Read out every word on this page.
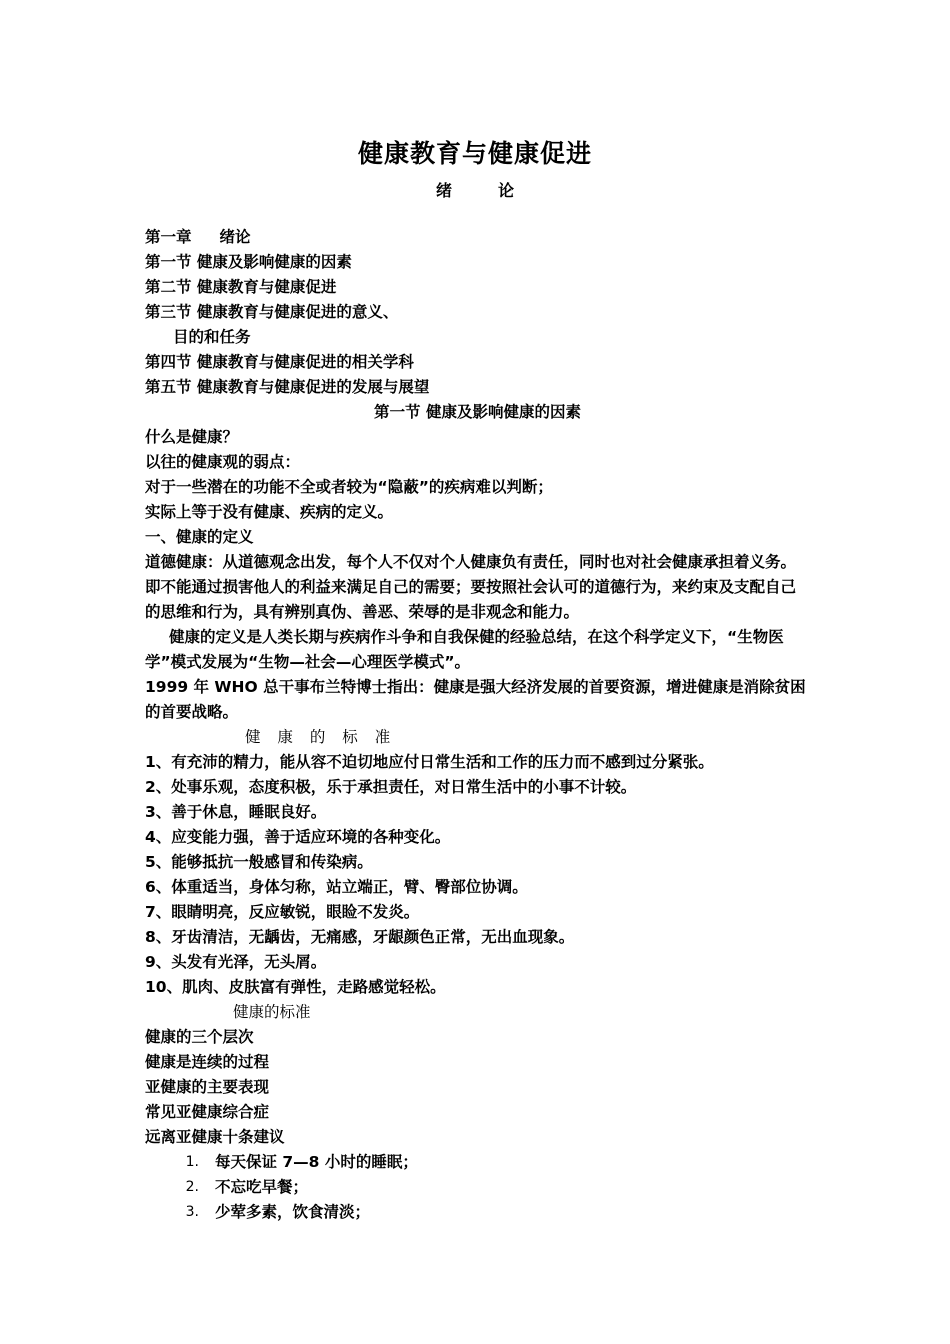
健康教育与健康促进
绪	论

第一章 绪论

第一节 健康及影响健康的因素

第二节 健康教育与健康促进

第三节 健康教育与健康促进的意义、

目的和任务

第四节 健康教育与健康促进的相关学科

第五节 健康教育与健康促进的发展与展望

第一节 健康及影响健康的因素

什么是健康？

以往的健康观的弱点：

对于一些潜在的功能不全或者较为“隐蔽”的疾病难以判断；

实际上等于没有健康、疾病的定义。

一、健康的定义

道德健康：从道德观念出发，每个人不仅对个人健康负有责任，同时也对社会健康承担着义务。即不能通过损害他人的利益来满足自己的需要；要按照社会认可的道德行为，来约束及支配自己的思维和行为，具有辨别真伪、善恶、荣辱的是非观念和能力。

健康的定义是人类长期与疾病作斗争和自我保健的经验总结，在这个科学定义下，“生物医学”模式发展为“生物—社会—心理医学模式”。

1999 年 WHO 总干事布兰特博士指出：健康是强大经济发展的首要资源，增进健康是消除贫困的首要战略。

健 康 的 标 准

1、有充沛的精力，能从容不迫切地应付日常生活和工作的压力而不感到过分紧张。

2、处事乐观，态度积极，乐于承担责任，对日常生活中的小事不计较。

3、善于休息，睡眠良好。

4、应变能力强，善于适应环境的各种变化。

5、能够抵抗一般感冒和传染病。

6、体重适当，身体匀称，站立端正，臂、臀部位协调。

7、眼睛明亮，反应敏锐，眼睑不发炎。

8、牙齿清洁，无龋齿，无痛感，牙龈颜色正常，无出血现象。

9、头发有光泽，无头屑。

10、肌肉、皮肤富有弹性，走路感觉轻松。

健康的标准

健康的三个层次

健康是连续的过程

亚健康的主要表现

常见亚健康综合症

远离亚健康十条建议

1.	每天保证 7—8 小时的睡眠；
2.	不忘吃早餐；
3.	少荤多素，饮食清淡；
